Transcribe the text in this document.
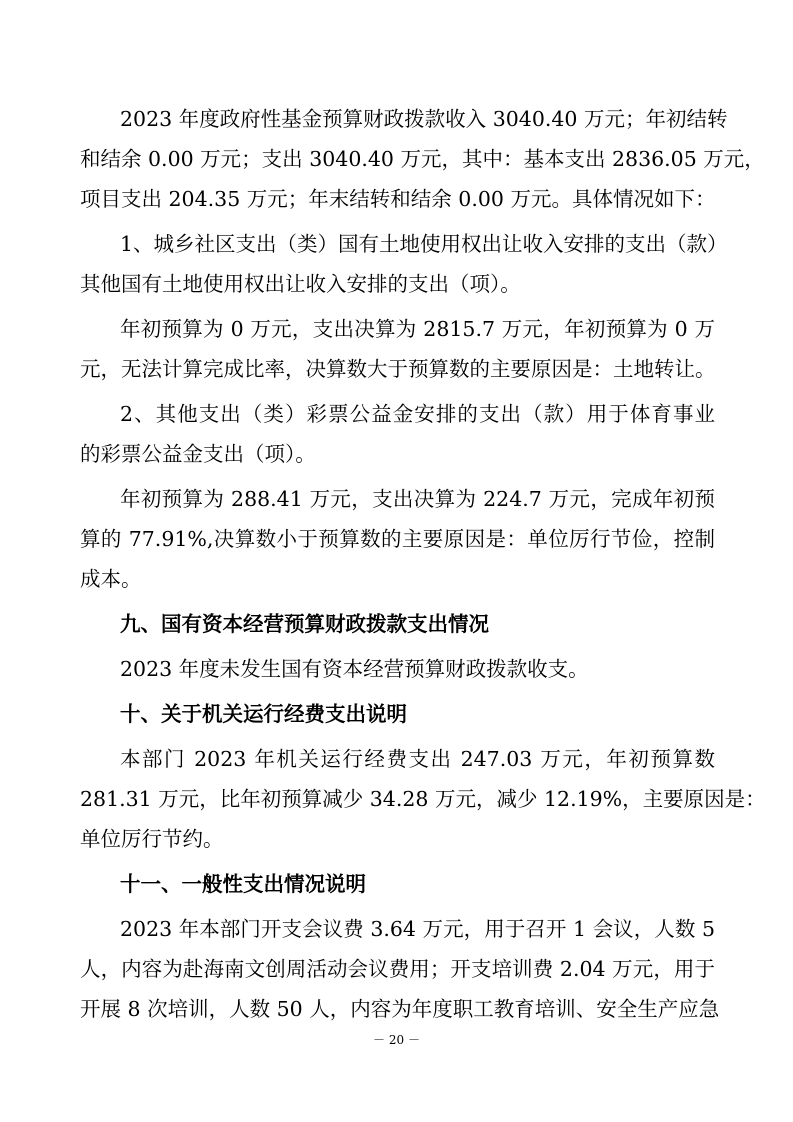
2023 年度政府性基金预算财政拨款收入 3040.40 万元；年初结转
和结余 0.00 万元；支出 3040.40 万元，其中：基本支出 2836.05 万元，
项目支出 204.35 万元；年末结转和结余 0.00 万元。具体情况如下：
1、城乡社区支出（类）国有土地使用权出让收入安排的支出（款）
其他国有土地使用权出让收入安排的支出（项）。
年初预算为 0 万元，支出决算为 2815.7 万元，年初预算为 0 万
元，无法计算完成比率，决算数大于预算数的主要原因是：土地转让。
2、其他支出（类）彩票公益金安排的支出（款）用于体育事业
的彩票公益金支出（项）。
年初预算为 288.41 万元，支出决算为 224.7 万元，完成年初预
算的 77.91%,决算数小于预算数的主要原因是：单位厉行节俭，控制
成本。
九、国有资本经营预算财政拨款支出情况
2023 年度未发生国有资本经营预算财政拨款收支。
十、关于机关运行经费支出说明
本部门 2023 年机关运行经费支出 247.03 万元，年初预算数
281.31 万元，比年初预算减少 34.28 万元，减少 12.19%，主要原因是：
单位厉行节约。
十一、一般性支出情况说明
2023 年本部门开支会议费 3.64 万元，用于召开 1 会议，人数 5
人，内容为赴海南文创周活动会议费用；开支培训费 2.04 万元，用于
开展 8 次培训，人数 50 人，内容为年度职工教育培训、安全生产应急
－ 20 －
